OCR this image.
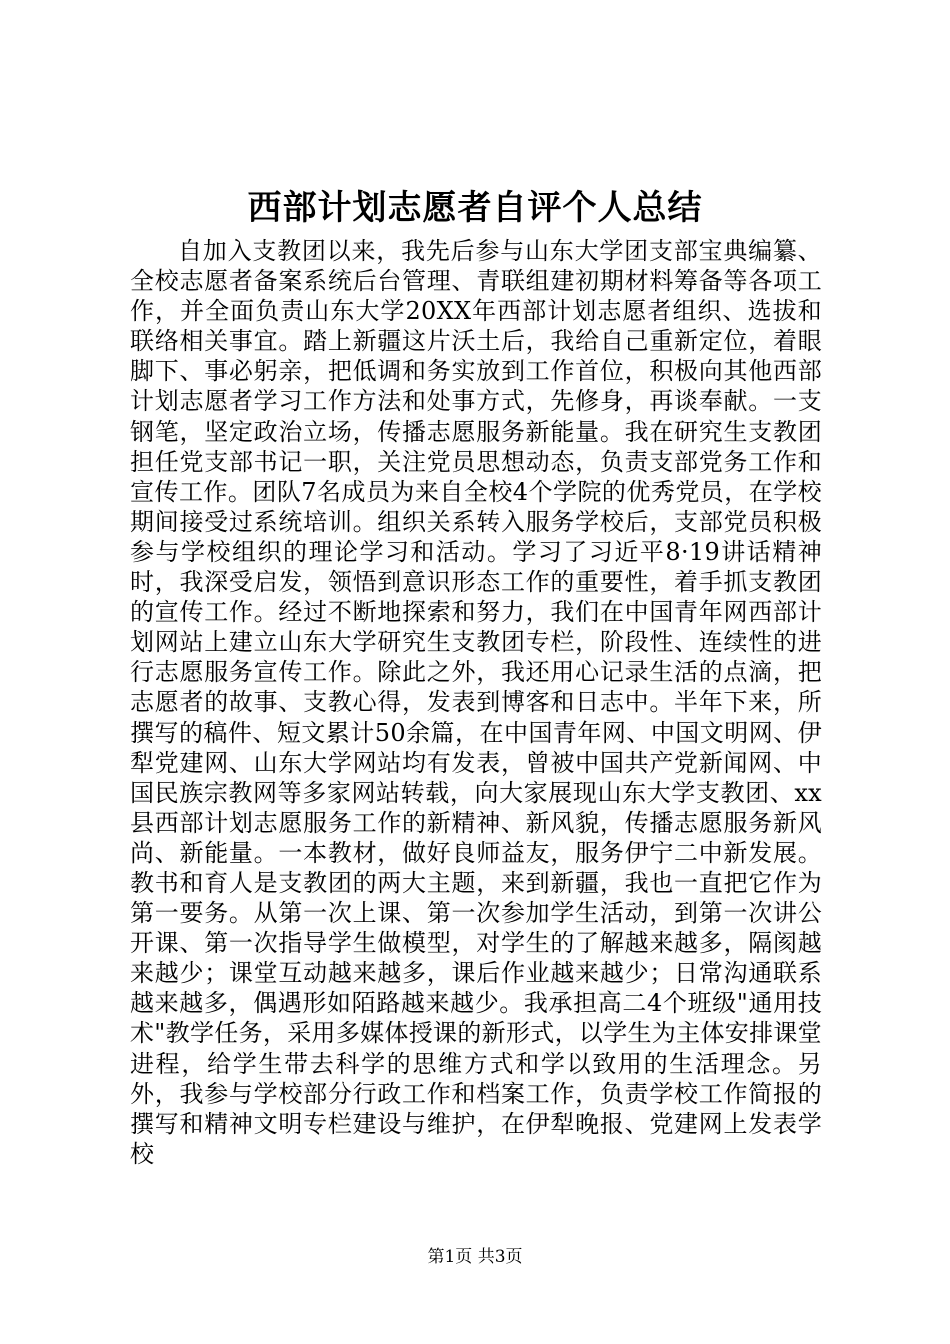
西部计划志愿者自评个人总结

自加入支教团以来，我先后参与山东大学团支部宝典编纂、全校志愿者备案系统后台管理、青联组建初期材料筹备等各项工作，并全面负责山东大学20XX年西部计划志愿者组织、选拔和联络相关事宜。踏上新疆这片沃土后，我给自己重新定位，着眼脚下、事必躬亲，把低调和务实放到工作首位，积极向其他西部计划志愿者学习工作方法和处事方式，先修身，再谈奉献。一支钢笔，坚定政治立场，传播志愿服务新能量。我在研究生支教团担任党支部书记一职，关注党员思想动态，负责支部党务工作和宣传工作。团队7名成员为来自全校4个学院的优秀党员，在学校期间接受过系统培训。组织关系转入服务学校后，支部党员积极参与学校组织的理论学习和活动。学习了习近平8·19讲话精神时，我深受启发，领悟到意识形态工作的重要性，着手抓支教团的宣传工作。经过不断地探索和努力，我们在中国青年网西部计划网站上建立山东大学研究生支教团专栏，阶段性、连续性的进行志愿服务宣传工作。除此之外，我还用心记录生活的点滴，把志愿者的故事、支教心得，发表到博客和日志中。半年下来，所撰写的稿件、短文累计50余篇，在中国青年网、中国文明网、伊犁党建网、山东大学网站均有发表，曾被中国共产党新闻网、中国民族宗教网等多家网站转载，向大家展现山东大学支教团、xx县西部计划志愿服务工作的新精神、新风貌，传播志愿服务新风尚、新能量。一本教材，做好良师益友，服务伊宁二中新发展。教书和育人是支教团的两大主题，来到新疆，我也一直把它作为第一要务。从第一次上课、第一次参加学生活动，到第一次讲公开课、第一次指导学生做模型，对学生的了解越来越多，隔阂越来越少；课堂互动越来越多，课后作业越来越少；日常沟通联系越来越多，偶遇形如陌路越来越少。我承担高二4个班级"通用技术"教学任务，采用多媒体授课的新形式，以学生为主体安排课堂进程，给学生带去科学的思维方式和学以致用的生活理念。另外，我参与学校部分行政工作和档案工作，负责学校工作简报的撰写和精神文明专栏建设与维护，在伊犁晚报、党建网上发表学校

第1页 共3页
